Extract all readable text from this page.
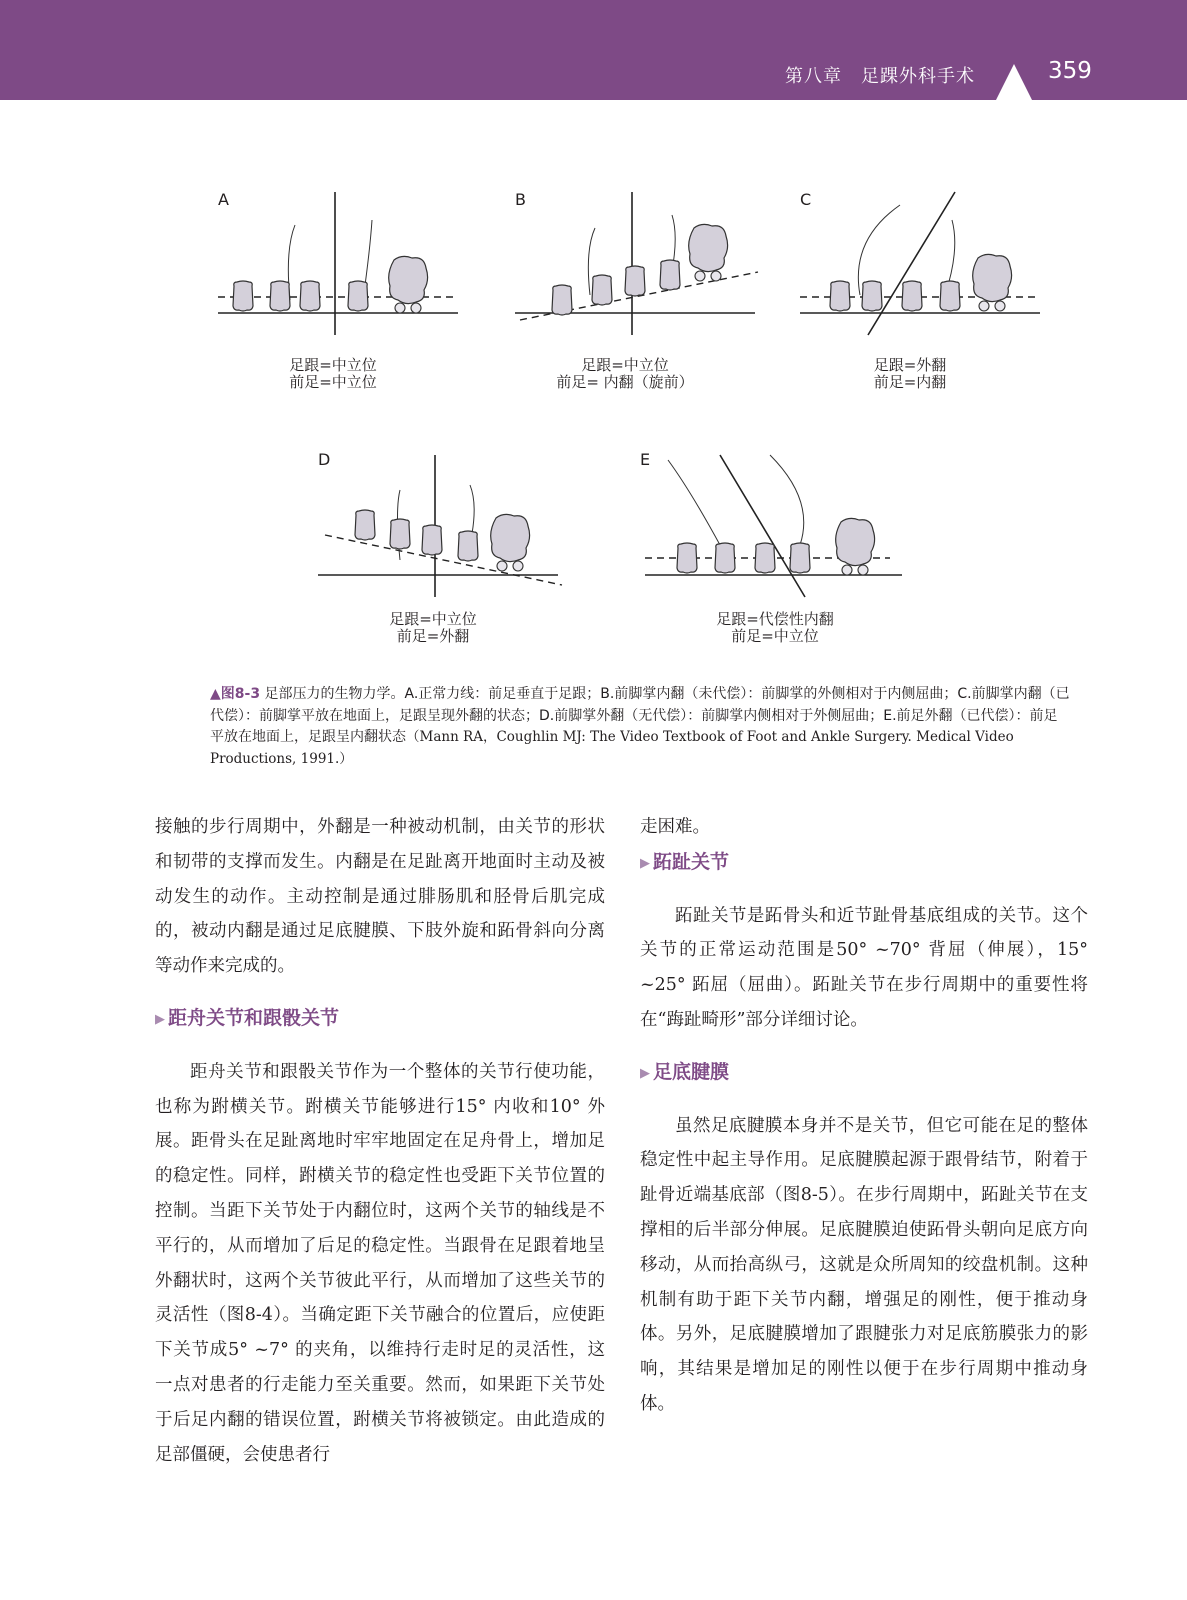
第八章　足踝外科手术	359
A	B	C
D	E
足跟=中立位
前足=中立位
足跟=中立位
前足= 内翻（旋前）
足跟=外翻
前足=内翻
足跟=中立位
前足=外翻
足跟=代偿性内翻
前足=中立位
▲图8-3 足部压力的生物力学。A.正常力线：前足垂直于足跟；B.前脚掌内翻（未代偿）：前脚掌的外侧相对于内侧屈曲；C.前脚掌内翻（已代偿）：前脚掌平放在地面上，足跟呈现外翻的状态；D.前脚掌外翻（无代偿）：前脚掌内侧相对于外侧屈曲；E.前足外翻（已代偿）：前足平放在地面上，足跟呈内翻状态（Mann RA，Coughlin MJ: The Video Textbook of Foot and Ankle Surgery. Medical Video Productions, 1991.）

接触的步行周期中，外翻是一种被动机制，由关节的形状和韧带的支撑而发生。内翻是在足趾离开地面时主动及被动发生的动作。主动控制是通过腓肠肌和胫骨后肌完成的，被动内翻是通过足底腱膜、下肢外旋和跖骨斜向分离等动作来完成的。

▶ 距舟关节和跟骰关节

距舟关节和跟骰关节作为一个整体的关节行使功能，也称为跗横关节。跗横关节能够进行15° 内收和10° 外展。距骨头在足趾离地时牢牢地固定在足舟骨上，增加足的稳定性。同样，跗横关节的稳定性也受距下关节位置的控制。当距下关节处于内翻位时，这两个关节的轴线是不平行的，从而增加了后足的稳定性。当跟骨在足跟着地呈外翻状时，这两个关节彼此平行，从而增加了这些关节的灵活性（图8-4）。当确定距下关节融合的位置后，应使距下关节成5° ~7° 的夹角，以维持行走时足的灵活性，这一点对患者的行走能力至关重要。然而，如果距下关节处于后足内翻的错误位置，跗横关节将被锁定。由此造成的足部僵硬，会使患者行

走困难。

▶ 跖趾关节

跖趾关节是跖骨头和近节趾骨基底组成的关节。这个关节的正常运动范围是50° ~70° 背屈（伸展），15° ~25° 跖屈（屈曲）。跖趾关节在步行周期中的重要性将在“踇趾畸形”部分详细讨论。

▶ 足底腱膜

虽然足底腱膜本身并不是关节，但它可能在足的整体稳定性中起主导作用。足底腱膜起源于跟骨结节，附着于趾骨近端基底部（图8-5）。在步行周期中，跖趾关节在支撑相的后半部分伸展。足底腱膜迫使跖骨头朝向足底方向移动，从而抬高纵弓，这就是众所周知的绞盘机制。这种机制有助于距下关节内翻，增强足的刚性，便于推动身体。另外，足底腱膜增加了跟腱张力对足底筋膜张力的影响，其结果是增加足的刚性以便于在步行周期中推动身体。
